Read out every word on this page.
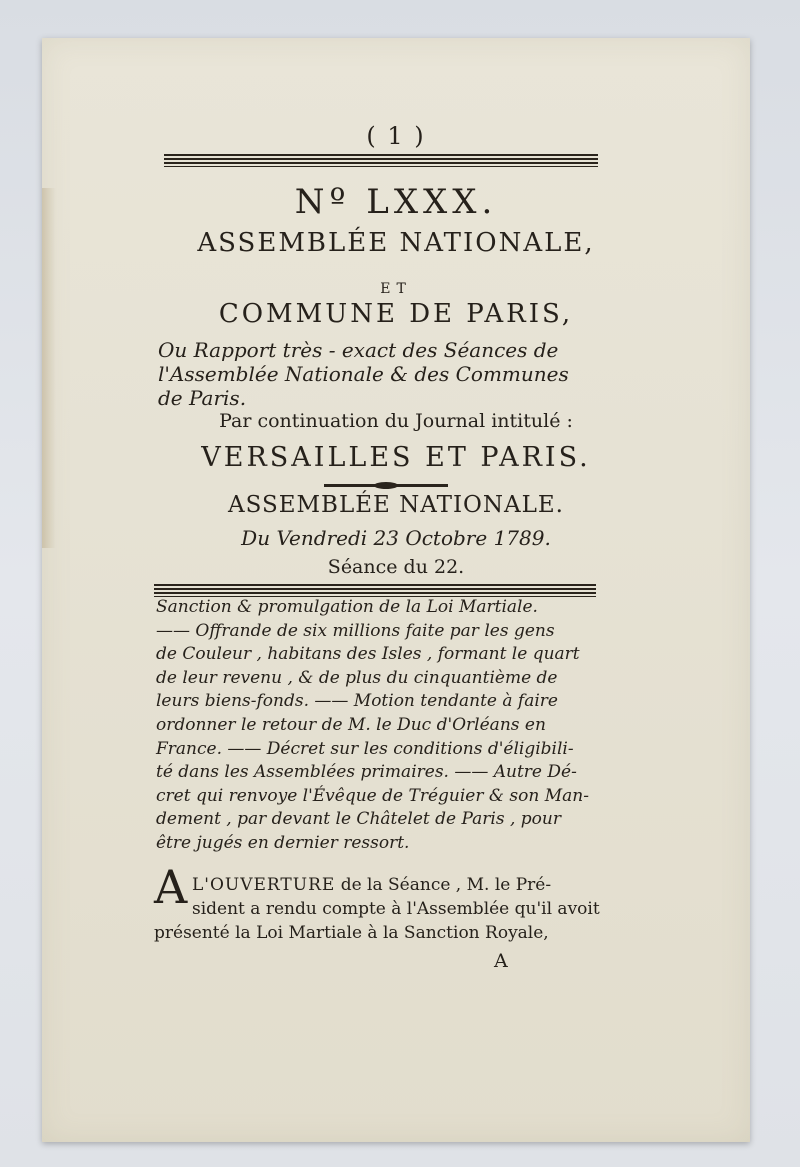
( 1 )
Nº LXXX.
ASSEMBLÉE NATIONALE,
ET
COMMUNE DE PARIS,
Ou Rapport très - exact des Séances de
l'Assemblée Nationale & des Communes
de Paris.
Par continuation du Journal intitulé :
VERSAILLES ET PARIS.
ASSEMBLÉE NATIONALE.
Du Vendredi 23 Octobre 1789.
Séance du 22.
Sanction & promulgation de la Loi Martiale.
—— Offrande de six millions faite par les gens
de Couleur , habitans des Isles , formant le quart
de leur revenu , & de plus du cinquantième de
leurs biens-fonds. —— Motion tendante à faire
ordonner le retour de M. le Duc d'Orléans en
France. —— Décret sur les conditions d'éligibili-
té dans les Assemblées primaires. —— Autre Dé-
cret qui renvoye l'Évêque de Tréguier & son Man-
dement , par devant le Châtelet de Paris , pour
être jugés en dernier ressort.
A L'OUVERTURE de la Séance , M. le Pré-
sident a rendu compte à l'Assemblée qu'il avoit
présenté la Loi Martiale à la Sanction Royale,
A
